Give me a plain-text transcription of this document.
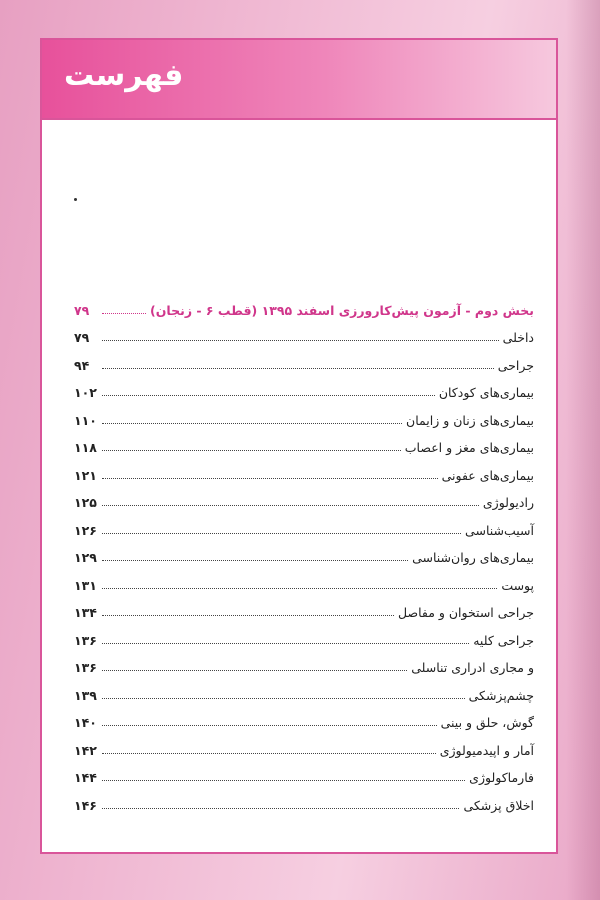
فهرست
بخش دوم - آزمون پیش‌کارورزی اسفند ۱۳۹۵ (قطب ۶ - زنجان)
۷۹
داخلی
۷۹
جراحی
۹۴
بیماری‌های کودکان
۱۰۲
بیماری‌های زنان و زایمان
۱۱۰
بیماری‌های مغز و اعصاب
۱۱۸
بیماری‌های عفونی
۱۲۱
رادیولوژی
۱۲۵
آسیب‌شناسی
۱۲۶
بیماری‌های روان‌شناسی
۱۲۹
پوست
۱۳۱
جراحی استخوان و مفاصل
۱۳۴
جراحی کلیه
۱۳۶
و مجاری ادراری تناسلی
۱۳۶
چشم‌پزشکی
۱۳۹
گوش، حلق و بینی
۱۴۰
آمار و اپیدمیولوژی
۱۴۲
فارماکولوژی
۱۴۴
اخلاق پزشکی
۱۴۶
